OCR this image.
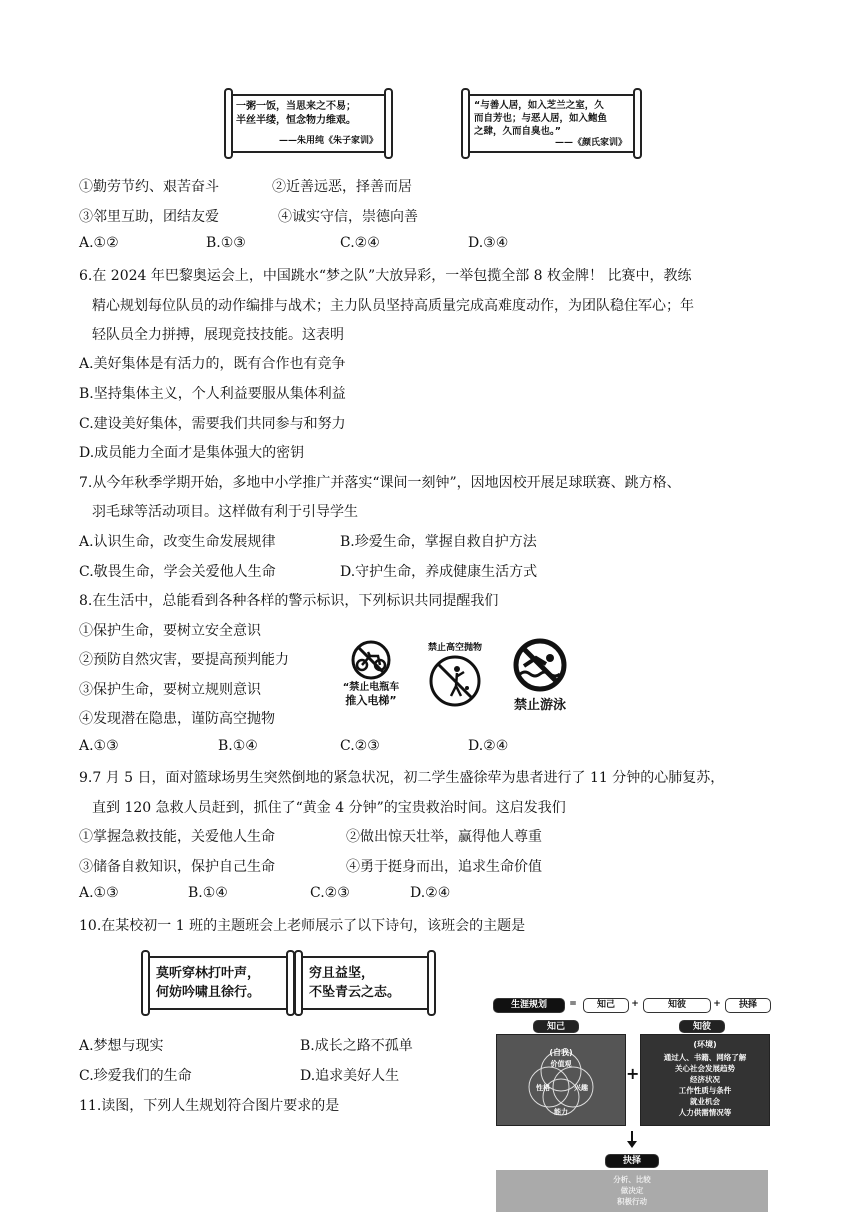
一粥一饭，当思来之不易；
半丝半缕，恒念物力维艰。
——朱用纯《朱子家训》
“与善人居，如入芝兰之室，久
而自芳也；与恶人居，如入鲍鱼
之肆，久而自臭也。”
——《颜氏家训》
①勤劳节约、艰苦奋斗	②近善远恶，择善而居
③邻里互助，团结友爱	④诚实守信，崇德向善
A.①②	B.①③	C.②④	D.③④
6.在 2024 年巴黎奥运会上，中国跳水“梦之队”大放异彩，一举包揽全部 8 枚金牌！ 比赛中，教练
精心规划每位队员的动作编排与战术；主力队员坚持高质量完成高难度动作，为团队稳住军心；年
轻队员全力拼搏，展现竞技技能。这表明
A.美好集体是有活力的，既有合作也有竞争
B.坚持集体主义，个人利益要服从集体利益
C.建设美好集体，需要我们共同参与和努力
D.成员能力全面才是集体强大的密钥
7.从今年秋季学期开始，多地中小学推广并落实“课间一刻钟”，因地因校开展足球联赛、跳方格、
羽毛球等活动项目。这样做有利于引导学生
A.认识生命，改变生命发展规律	B.珍爱生命，掌握自救自护方法
C.敬畏生命，学会关爱他人生命	D.守护生命，养成健康生活方式
8.在生活中，总能看到各种各样的警示标识，下列标识共同提醒我们
①保护生命，要树立安全意识
②预防自然灾害，要提高预判能力
③保护生命，要树立规则意识
④发现潜在隐患，谨防高空抛物
“禁止电瓶车
推入电梯”
禁止高空抛物
禁止游泳
A.①③	B.①④	C.②③	D.②④
9.7 月 5 日，面对篮球场男生突然倒地的紧急状况，初二学生盛徐荦为患者进行了 11 分钟的心肺复苏，
直到 120 急救人员赶到，抓住了“黄金 4 分钟”的宝贵救治时间。这启发我们
①掌握急救技能，关爱他人生命	②做出惊天壮举，赢得他人尊重
③储备自救知识，保护自己生命	④勇于挺身而出，追求生命价值
A.①③	B.①④	C.②③	D.②④
10.在某校初一 1 班的主题班会上老师展示了以下诗句，该班会的主题是
莫听穿林打叶声，
何妨吟啸且徐行。
穷且益坚，
不坠青云之志。
A.梦想与现实	B.成长之路不孤单
C.珍爱我们的生命	D.追求美好人生
11.读图，下列人生规划符合图片要求的是
生涯规划	=	知己	+	知彼	+	抉择
知己	知彼
(自我)
价值观
性格	兴趣
能力
+
(环境)
通过人、书籍、网络了解
关心社会发展趋势
经济状况
工作性质与条件
就业机会
人力供需情况等
抉择
分析、比较
做决定
积极行动
